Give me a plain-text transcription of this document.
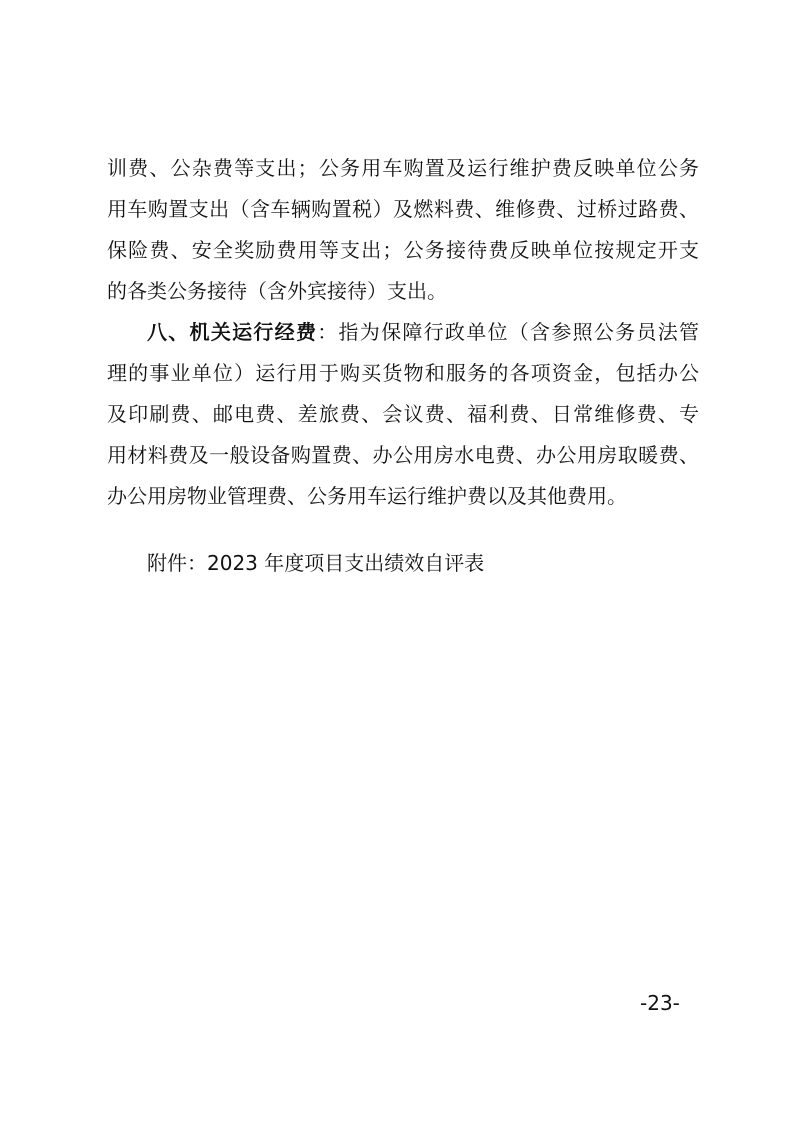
训费、公杂费等支出；公务用车购置及运行维护费反映单位公务

用车购置支出（含车辆购置税）及燃料费、维修费、过桥过路费、

保险费、安全奖励费用等支出；公务接待费反映单位按规定开支

的各类公务接待（含外宾接待）支出。

八、机关运行经费：指为保障行政单位（含参照公务员法管

理的事业单位）运行用于购买货物和服务的各项资金，包括办公

及印刷费、邮电费、差旅费、会议费、福利费、日常维修费、专

用材料费及一般设备购置费、办公用房水电费、办公用房取暖费、

办公用房物业管理费、公务用车运行维护费以及其他费用。

附件：2023 年度项目支出绩效自评表

-23-
